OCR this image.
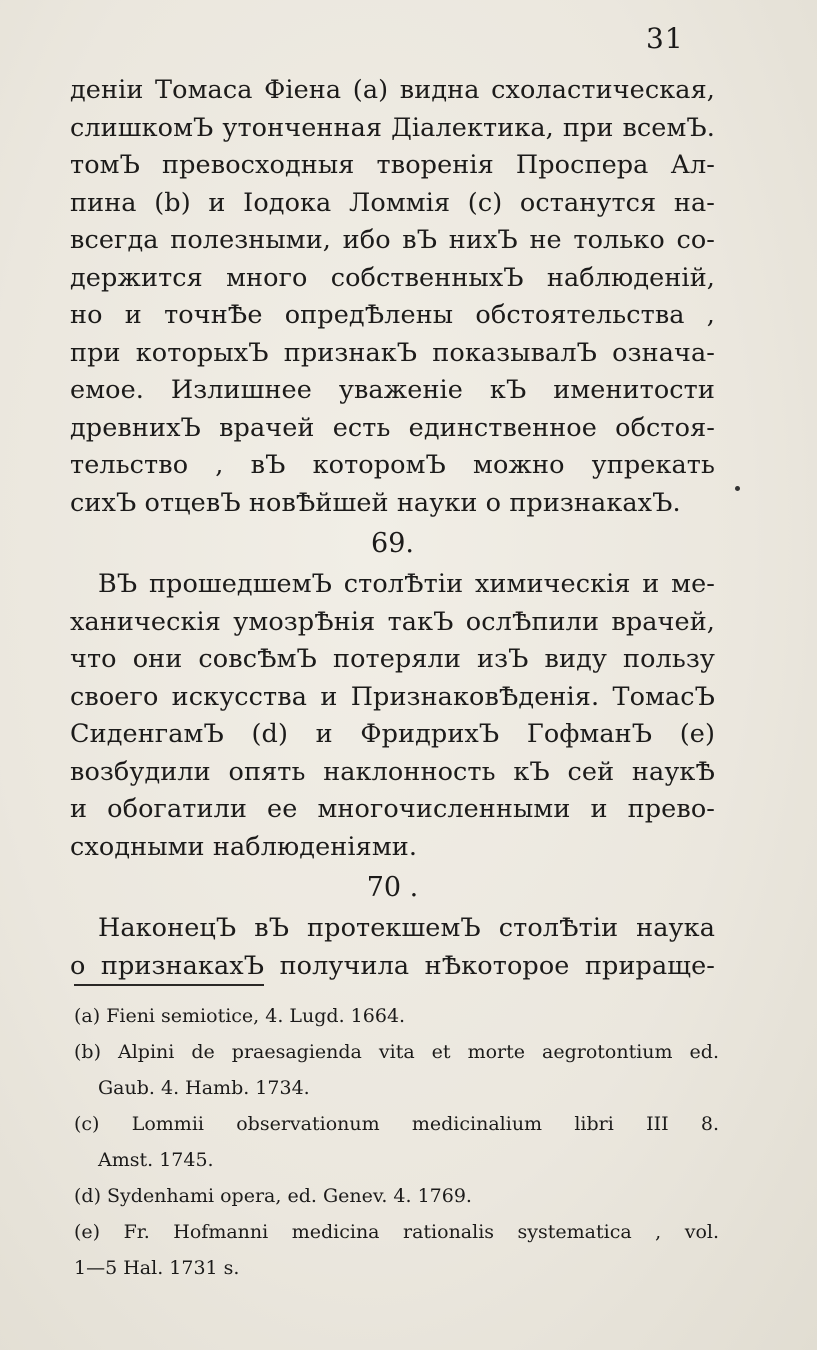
31
деніи Томаса Фіена (a) видна схоластическая,
слишкомЪ утонченная Діалектика, при всемЪ.
томЪ превосходныя творенія Проспера Ал-
пина (b) и Іодока Ломмія (c) останутся на-
всегда полезными, ибо вЪ нихЪ не только со-
держится много собственныхЪ наблюденій,
но и точнѢе опредѢлены обстоятельства ,
при которыхЪ признакЪ показывалЪ означа-
емое. Излишнее уваженіе кЪ именитости
древнихЪ врачей есть единственное обстоя-
тельство , вЪ которомЪ можно упрекать
сихЪ отцевЪ новѢйшей науки о признакахЪ.
69.
ВЪ прошедшемЪ столѢтіи химическія и ме-
ханическія умозрѢнія такЪ ослѢпили врачей,
что они совсѢмЪ потеряли изЪ виду пользу
своего искусства и ПризнаковѢденія. ТомасЪ
СиденгамЪ (d) и ФридрихЪ ГофманЪ (e)
возбудили опять наклонность кЪ сей наукѢ
и обогатили ее многочисленными и прево-
сходными наблюденіями.
70 .
НаконецЪ вЪ протекшемЪ столѢтіи наука
о признакахЪ получила нѢкоторое прираще-
(a) Fieni semiotice, 4. Lugd. 1664.
(b) Alpini de praesagienda vita et morte aegrotontium ed.
Gaub. 4. Hamb. 1734.
(c) Lommii observationum medicinalium libri III 8.
Amst. 1745.
(d) Sydenhami opera, ed. Genev. 4. 1769.
(e) Fr. Hofmanni medicina rationalis systematica , vol.
1—5 Hal. 1731 s.
